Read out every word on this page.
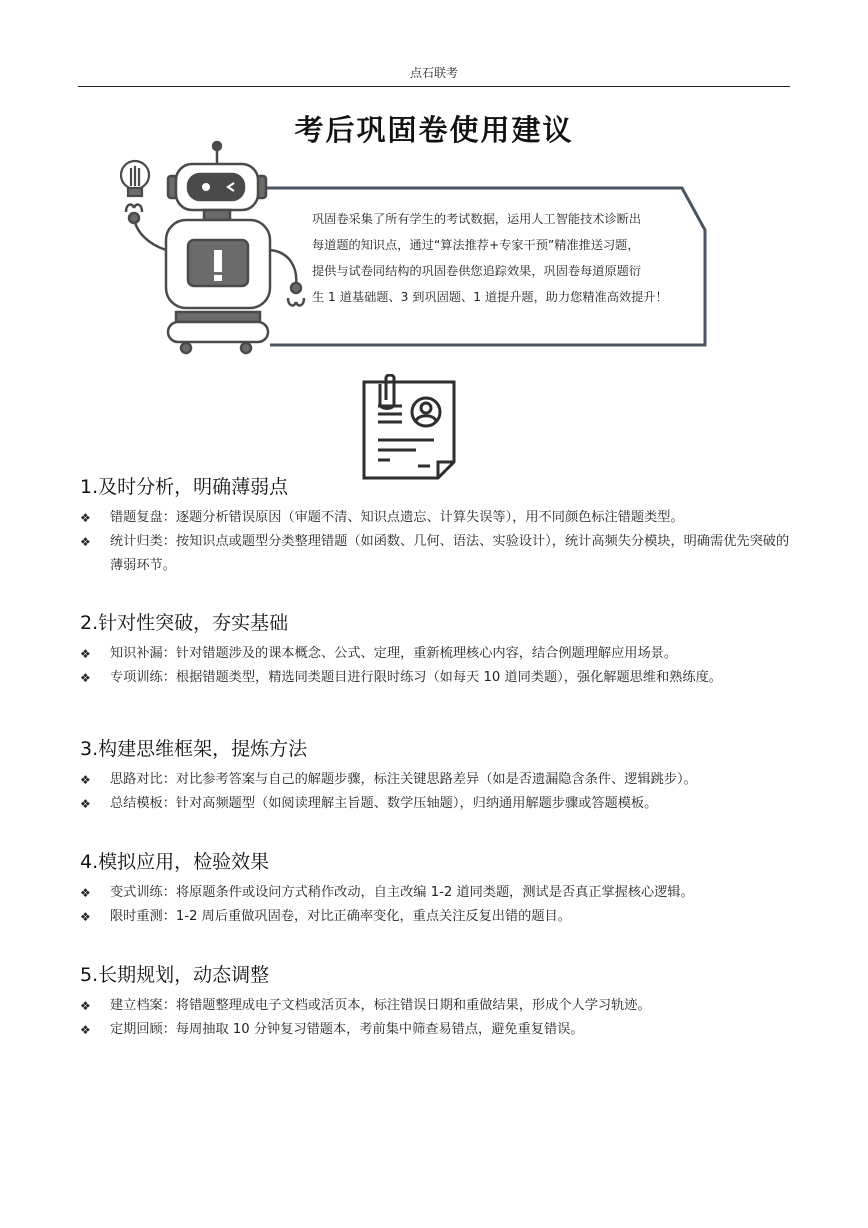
点石联考
考后巩固卷使用建议

巩固卷采集了所有学生的考试数据，运用人工智能技术诊断出

每道题的知识点，通过“算法推荐+专家干预”精准推送习题，

提供与试卷同结构的巩固卷供您追踪效果，巩固卷每道原题衍

生 1 道基础题、3 到巩固题、1 道提升题，助力您精准高效提升！

1.及时分析，明确薄弱点
❖ 错题复盘：逐题分析错误原因（审题不清、知识点遗忘、计算失误等），用不同颜色标注错题类型。
❖ 统计归类：按知识点或题型分类整理错题（如函数、几何、语法、实验设计），统计高频失分模块，明确需优先突破的薄弱环节。
2.针对性突破，夯实基础
❖ 知识补漏：针对错题涉及的课本概念、公式、定理，重新梳理核心内容，结合例题理解应用场景。
❖ 专项训练：根据错题类型，精选同类题目进行限时练习（如每天 10 道同类题），强化解题思维和熟练度。
3.构建思维框架，提炼方法
❖ 思路对比：对比参考答案与自己的解题步骤，标注关键思路差异（如是否遗漏隐含条件、逻辑跳步）。
❖ 总结模板：针对高频题型（如阅读理解主旨题、数学压轴题），归纳通用解题步骤或答题模板。
4.模拟应用，检验效果
❖ 变式训练：将原题条件或设问方式稍作改动，自主改编 1-2 道同类题，测试是否真正掌握核心逻辑。
❖ 限时重测：1-2 周后重做巩固卷，对比正确率变化，重点关注反复出错的题目。
5.长期规划，动态调整
❖ 建立档案：将错题整理成电子文档或活页本，标注错误日期和重做结果，形成个人学习轨迹。
❖ 定期回顾：每周抽取 10 分钟复习错题本，考前集中筛查易错点，避免重复错误。
